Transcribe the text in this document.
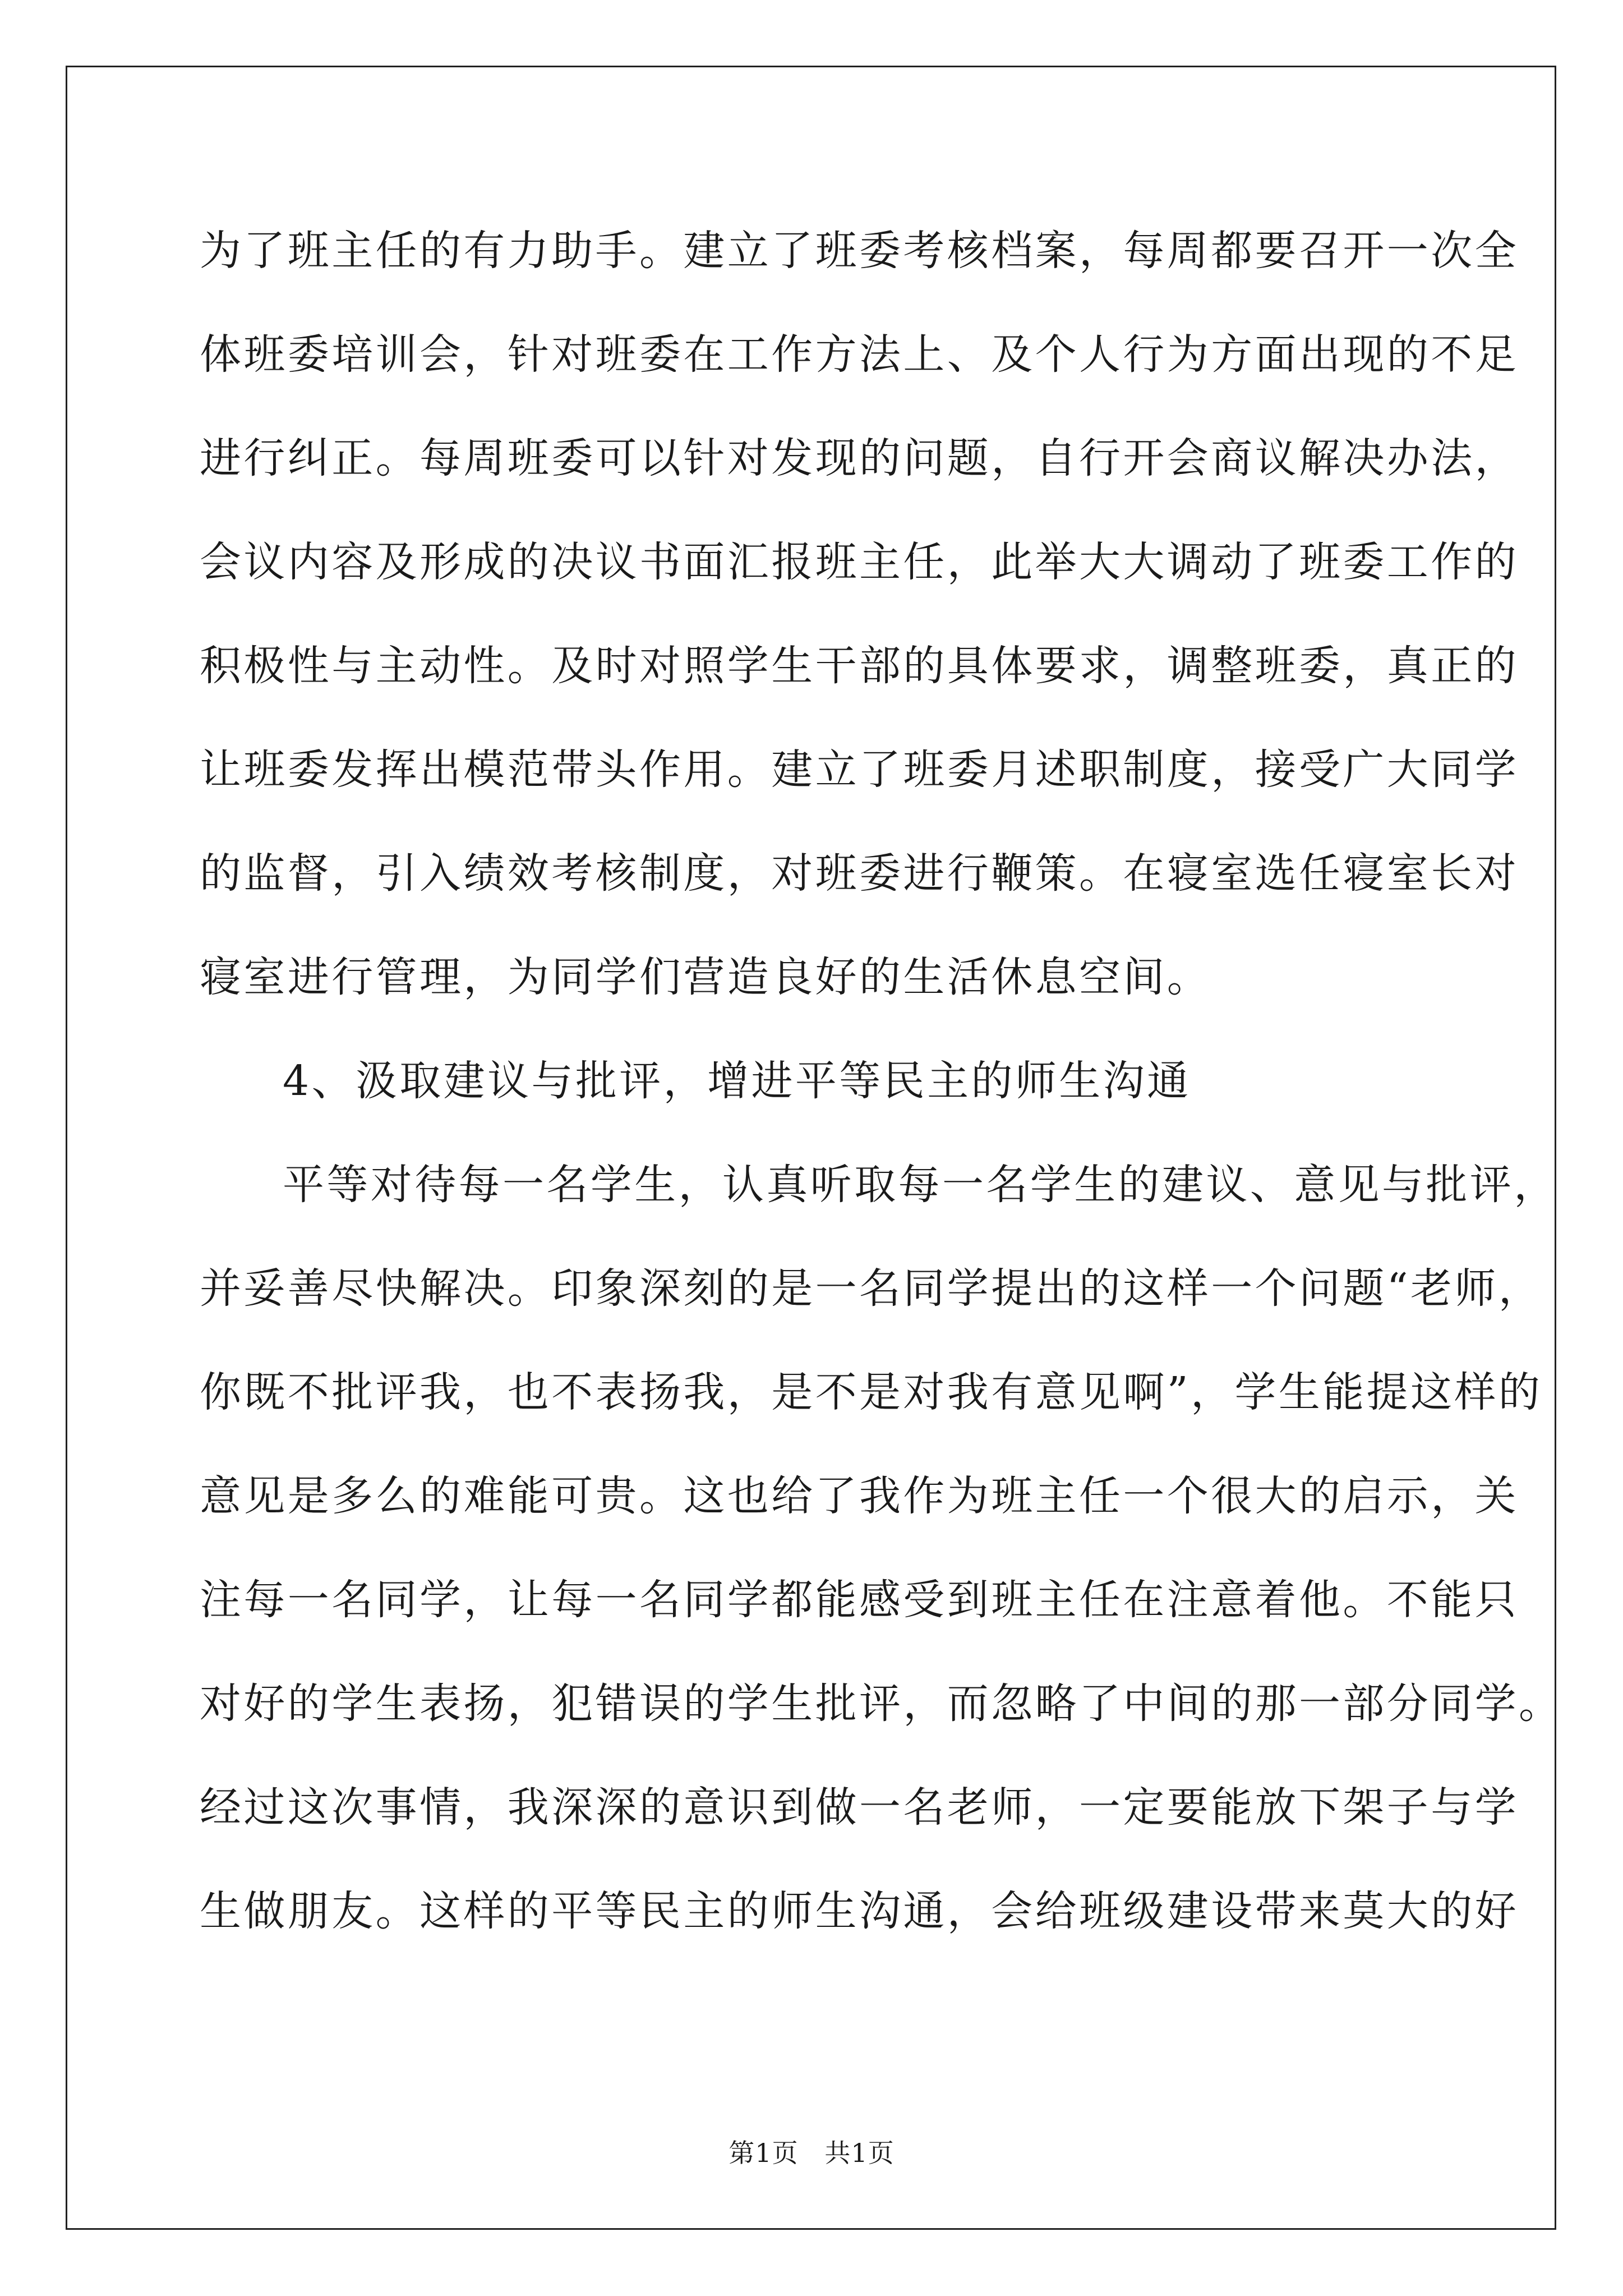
为了班主任的有力助手。建立了班委考核档案，每周都要召开一次全
体班委培训会，针对班委在工作方法上、及个人行为方面出现的不足
进行纠正。每周班委可以针对发现的问题，自行开会商议解决办法，
会议内容及形成的决议书面汇报班主任，此举大大调动了班委工作的
积极性与主动性。及时对照学生干部的具体要求，调整班委，真正的
让班委发挥出模范带头作用。建立了班委月述职制度，接受广大同学
的监督，引入绩效考核制度，对班委进行鞭策。在寝室选任寝室长对
寝室进行管理，为同学们营造良好的生活休息空间。
4、汲取建议与批评，增进平等民主的师生沟通
平等对待每一名学生，认真听取每一名学生的建议、意见与批评，
并妥善尽快解决。印象深刻的是一名同学提出的这样一个问题“老师，
你既不批评我，也不表扬我，是不是对我有意见啊”，学生能提这样的
意见是多么的难能可贵。这也给了我作为班主任一个很大的启示，关
注每一名同学，让每一名同学都能感受到班主任在注意着他。不能只
对好的学生表扬，犯错误的学生批评，而忽略了中间的那一部分同学。
经过这次事情，我深深的意识到做一名老师，一定要能放下架子与学
生做朋友。这样的平等民主的师生沟通，会给班级建设带来莫大的好
第1页   共1页
